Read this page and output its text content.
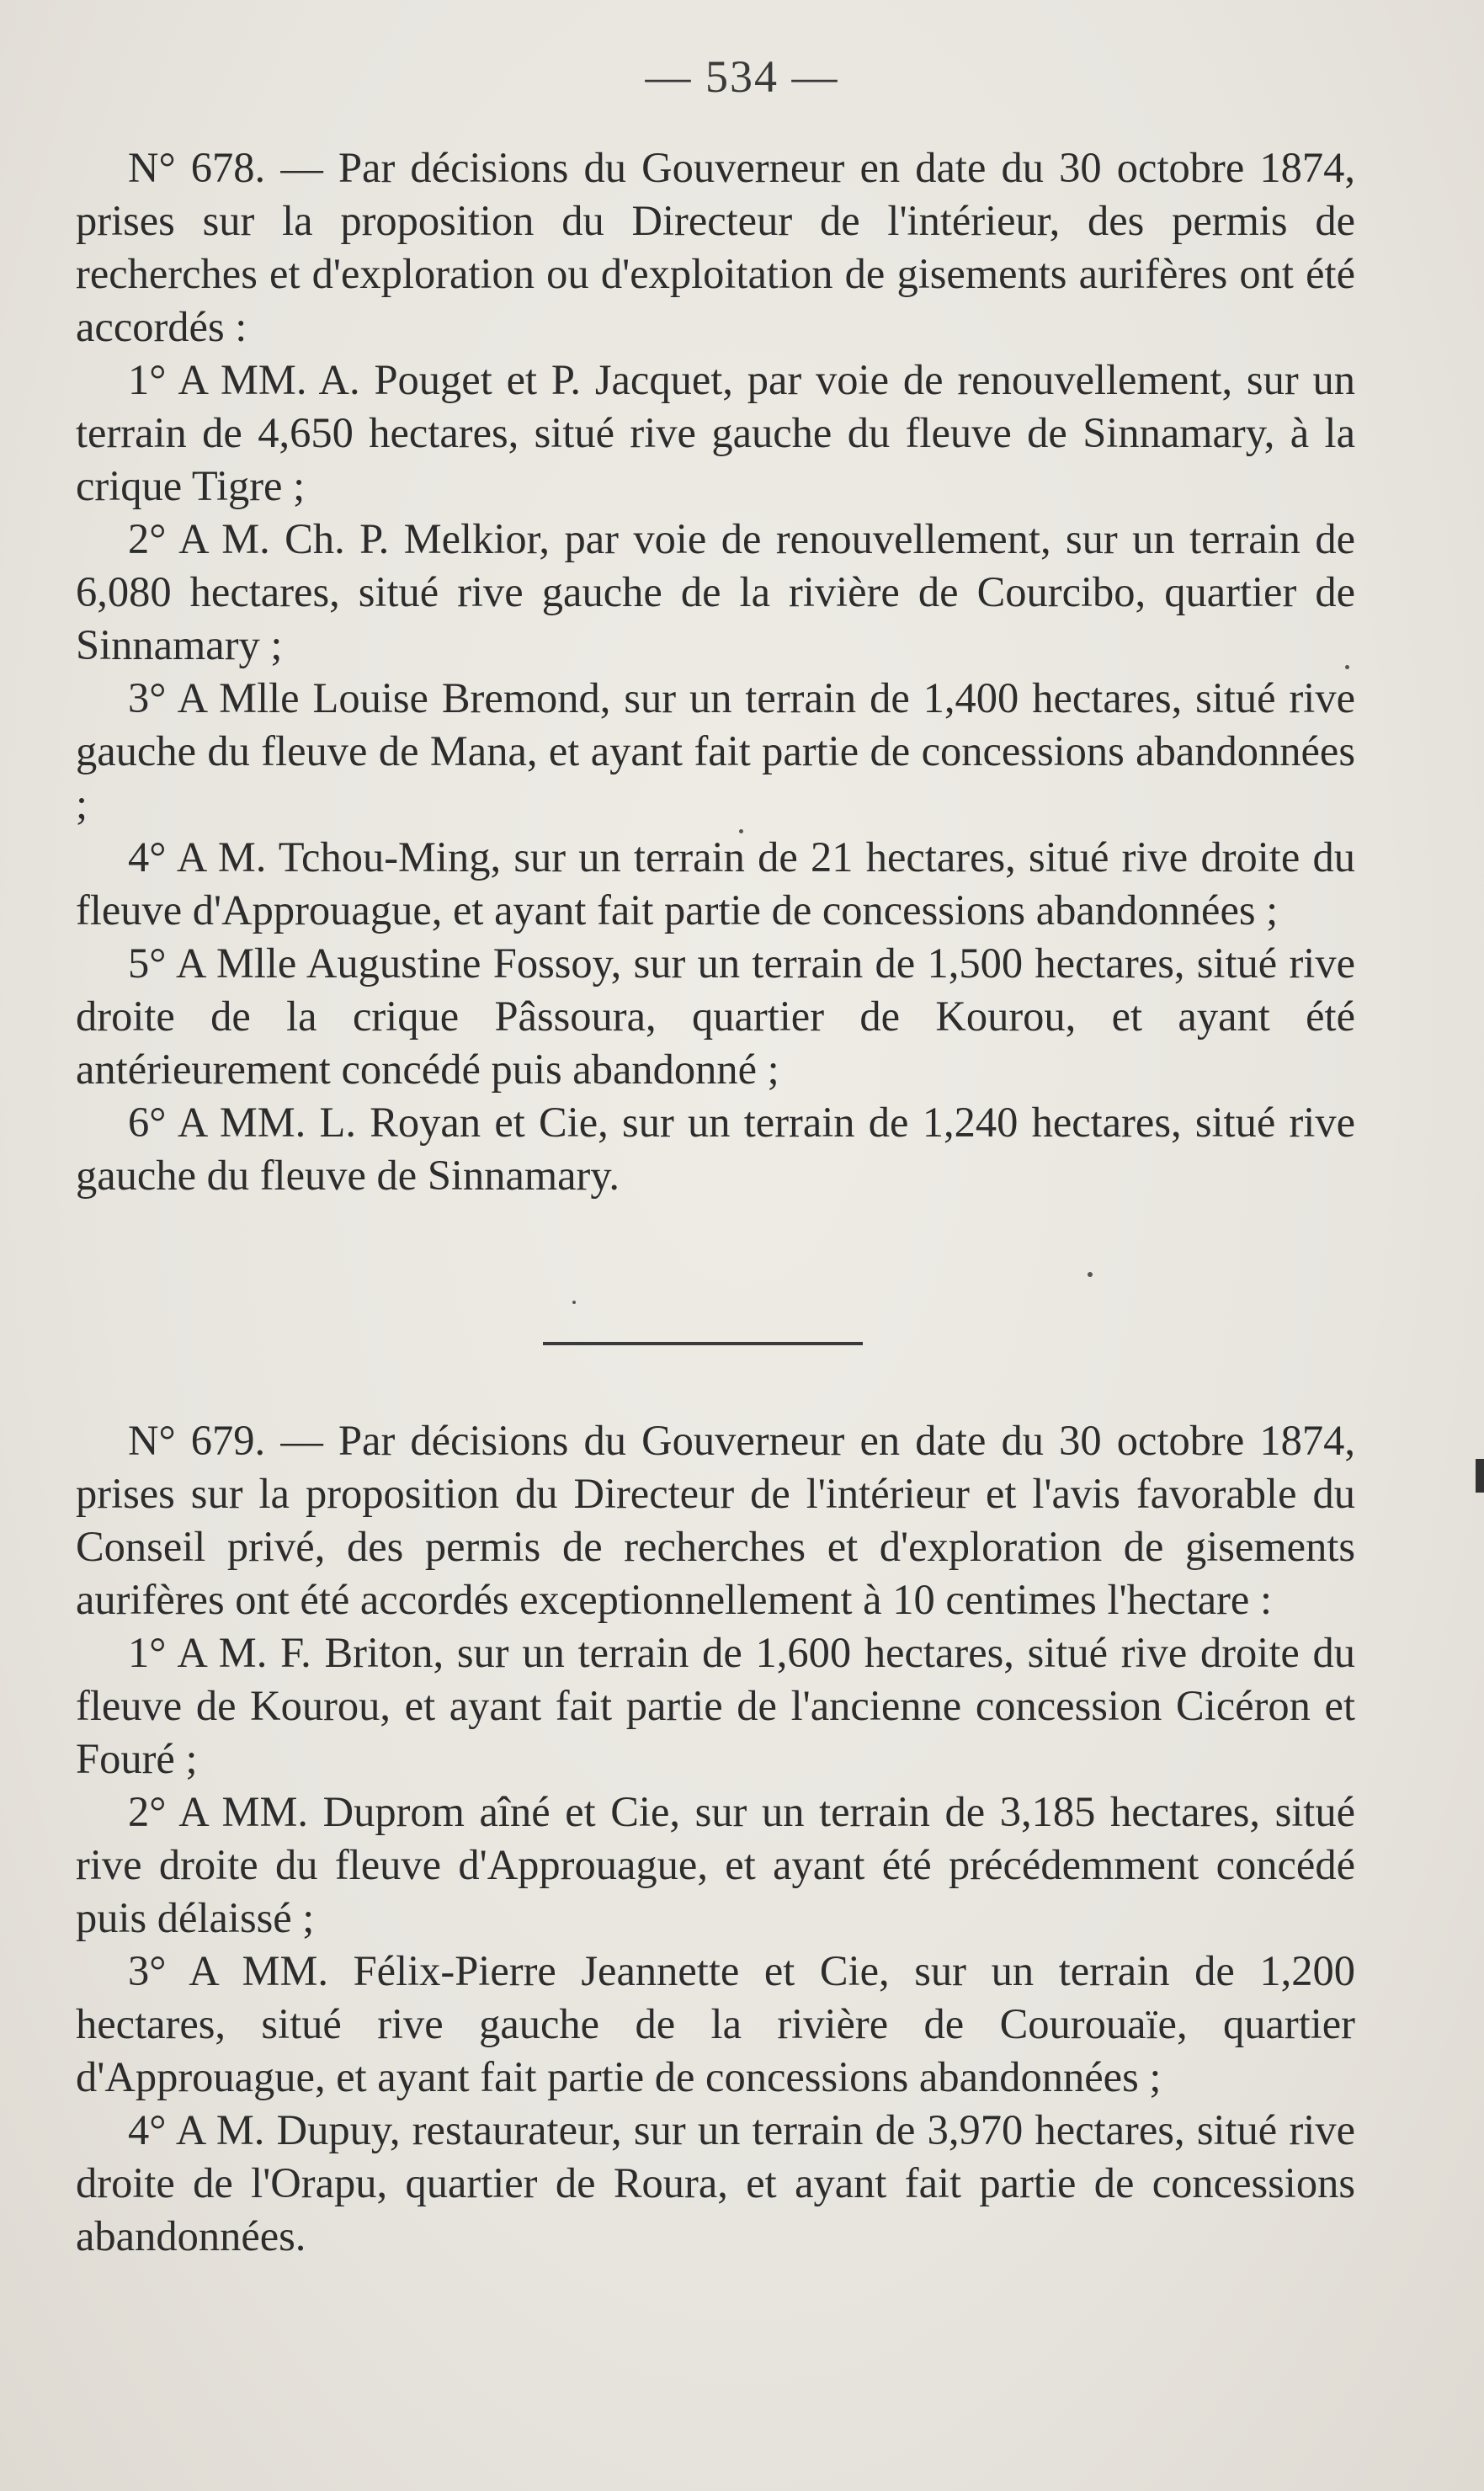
— 534 —

N° 678. — Par décisions du Gouverneur en date du 30 octobre 1874, prises sur la proposition du Directeur de l'intérieur, des permis de recherches et d'exploration ou d'exploitation de gisements aurifères ont été accordés :

1° A MM. A. Pouget et P. Jacquet, par voie de renouvellement, sur un terrain de 4,650 hectares, situé rive gauche du fleuve de Sinnamary, à la crique Tigre ;

2° A M. Ch. P. Melkior, par voie de renouvellement, sur un terrain de 6,080 hectares, situé rive gauche de la rivière de Courcibo, quartier de Sinnamary ;

3° A Mlle Louise Bremond, sur un terrain de 1,400 hectares, situé rive gauche du fleuve de Mana, et ayant fait partie de concessions abandonnées ;

4° A M. Tchou-Ming, sur un terrain de 21 hectares, situé rive droite du fleuve d'Approuague, et ayant fait partie de concessions abandonnées ;

5° A Mlle Augustine Fossoy, sur un terrain de 1,500 hectares, situé rive droite de la crique Pâssoura, quartier de Kourou, et ayant été antérieurement concédé puis abandonné ;

6° A MM. L. Royan et Cie, sur un terrain de 1,240 hectares, situé rive gauche du fleuve de Sinnamary.

N° 679. — Par décisions du Gouverneur en date du 30 octobre 1874, prises sur la proposition du Directeur de l'intérieur et l'avis favorable du Conseil privé, des permis de recherches et d'exploration de gisements aurifères ont été accordés exceptionnellement à 10 centimes l'hectare :

1° A M. F. Briton, sur un terrain de 1,600 hectares, situé rive droite du fleuve de Kourou, et ayant fait partie de l'ancienne concession Cicéron et Fouré ;

2° A MM. Duprom aîné et Cie, sur un terrain de 3,185 hectares, situé rive droite du fleuve d'Approuague, et ayant été précédemment concédé puis délaissé ;

3° A MM. Félix-Pierre Jeannette et Cie, sur un terrain de 1,200 hectares, situé rive gauche de la rivière de Courouaïe, quartier d'Approuague, et ayant fait partie de concessions abandonnées ;

4° A M. Dupuy, restaurateur, sur un terrain de 3,970 hectares, situé rive droite de l'Orapu, quartier de Roura, et ayant fait partie de concessions abandonnées.
